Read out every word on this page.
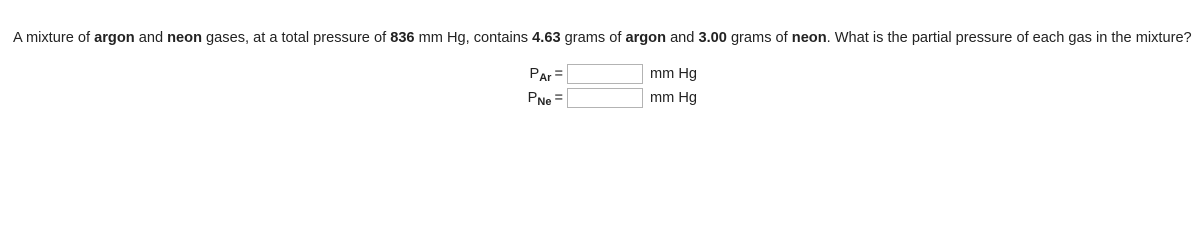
A mixture of argon and neon gases, at a total pressure of 836 mm Hg, contains 4.63 grams of argon and 3.00 grams of neon. What is the partial pressure of each gas in the mixture?
P Ar =	mm Hg
P Ne =	mm Hg
